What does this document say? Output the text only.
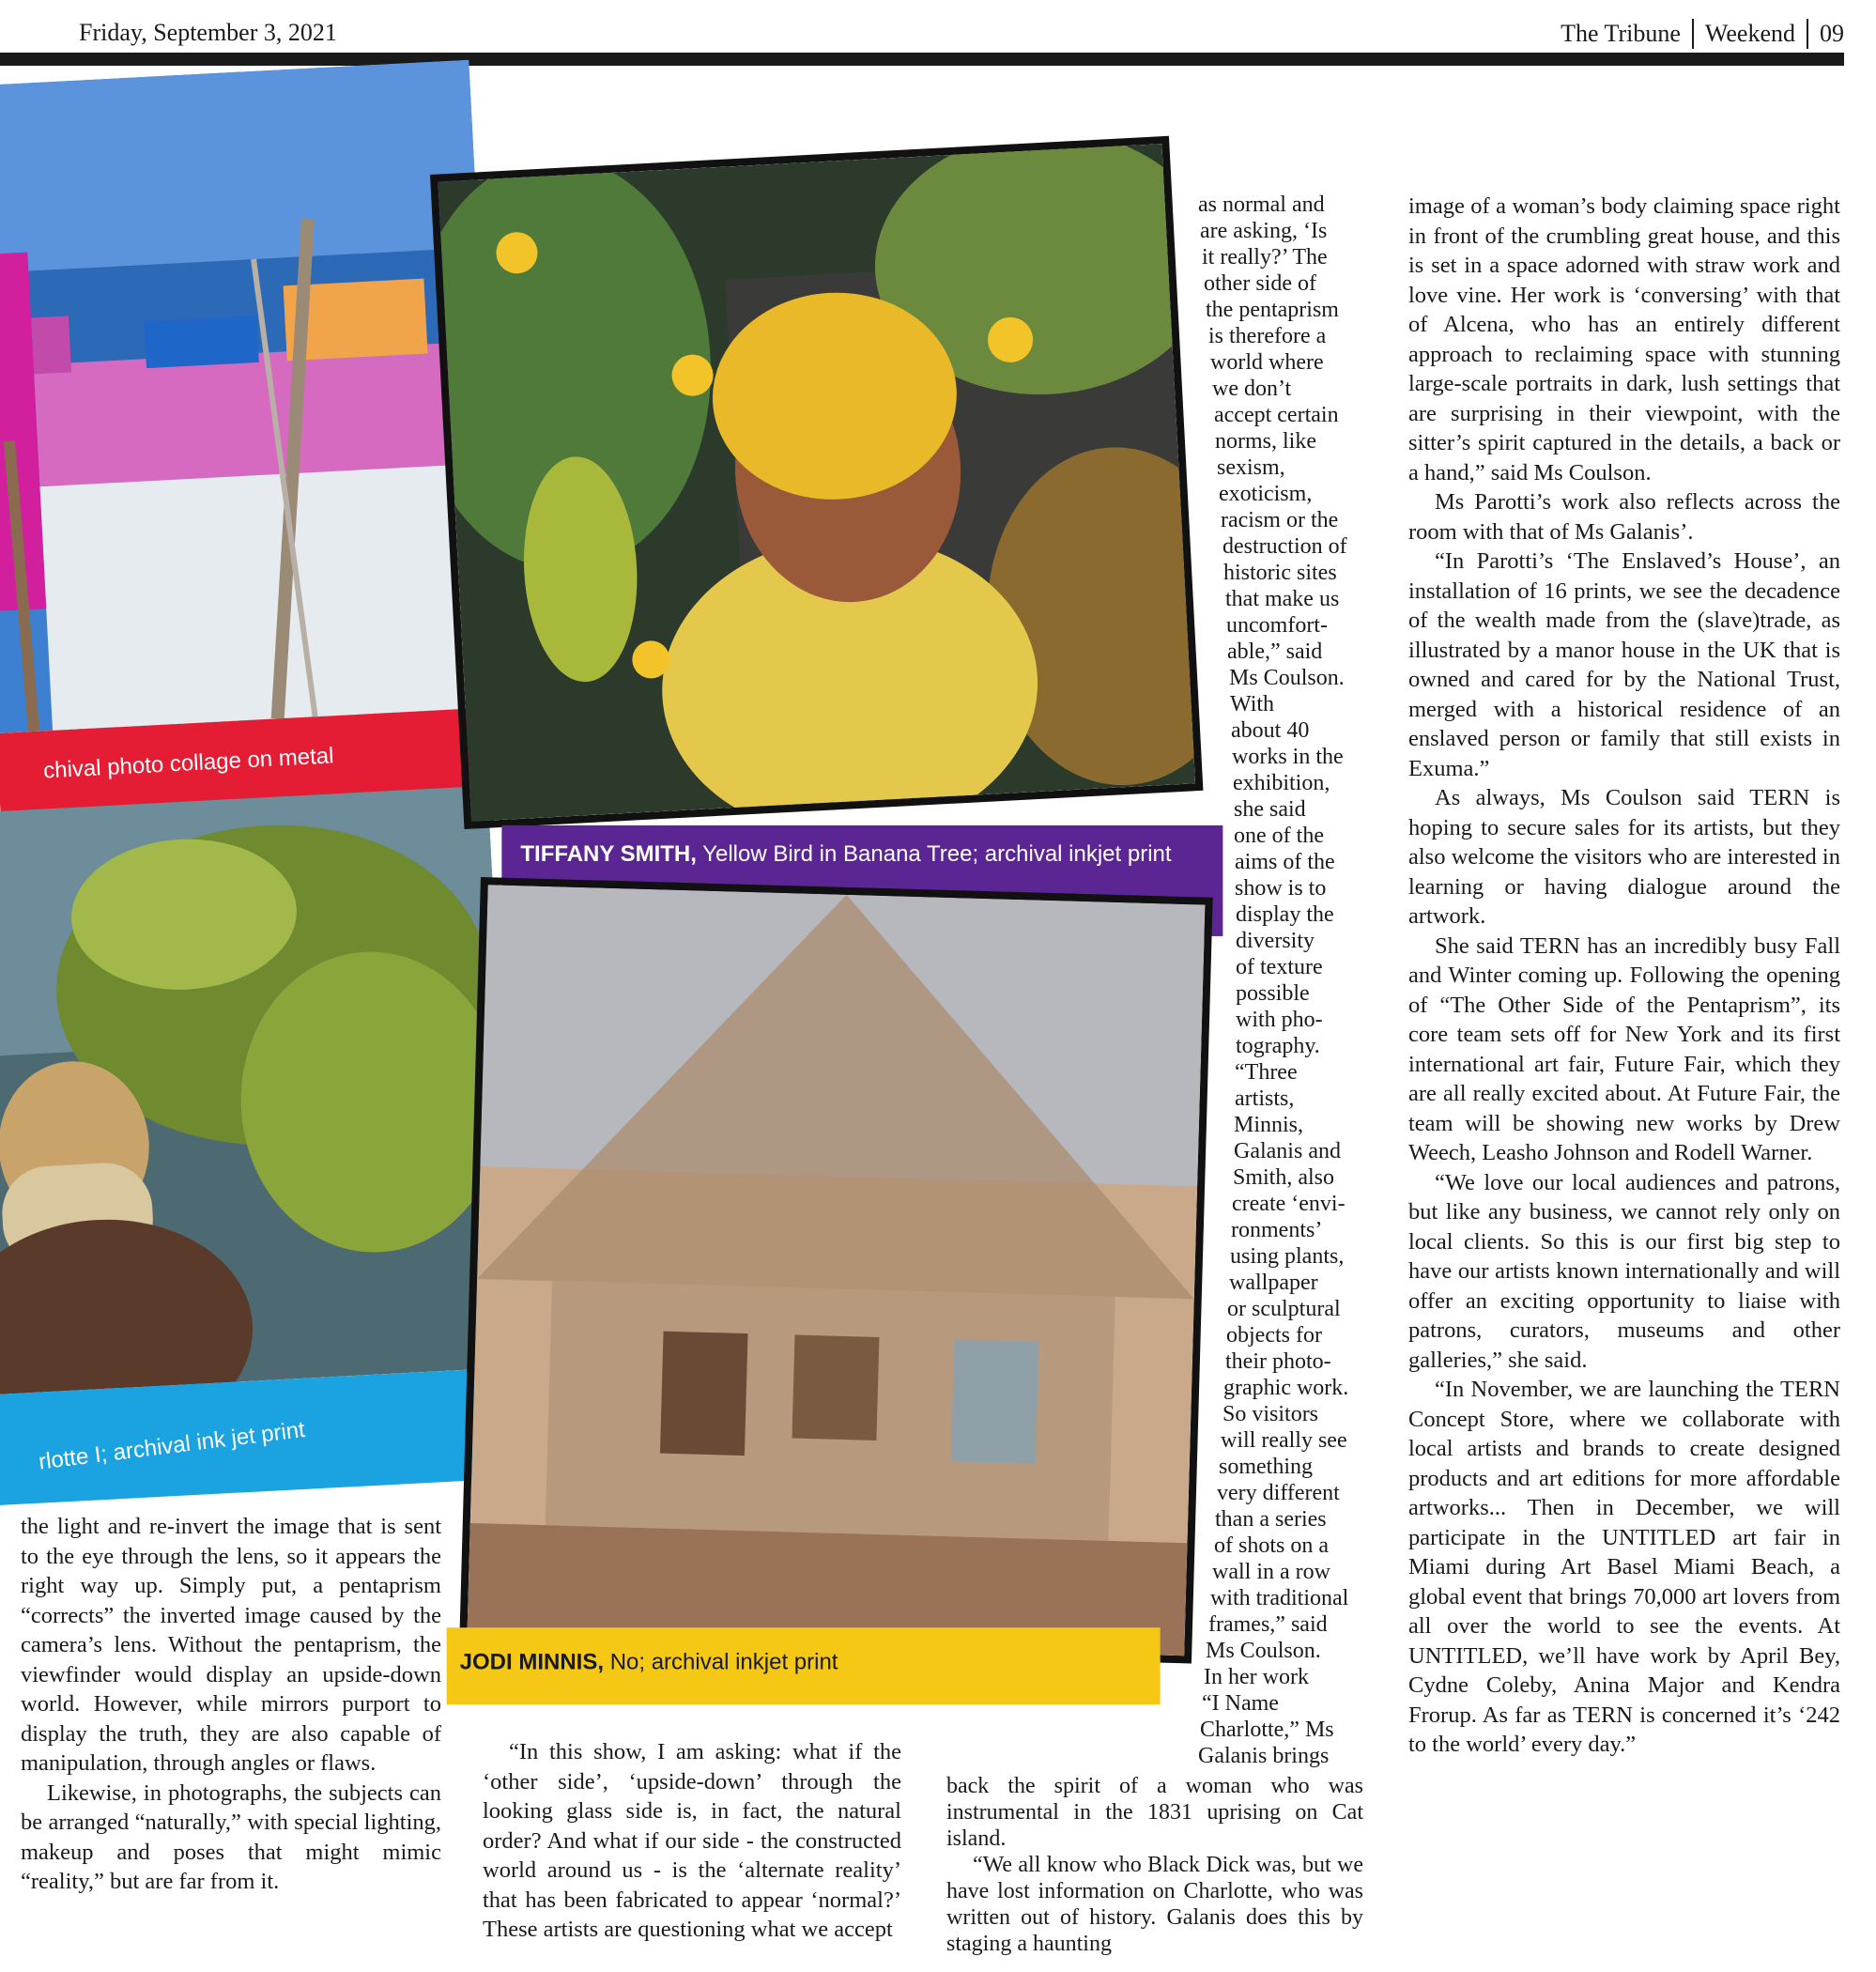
Friday, September 3, 2021	The Tribune Weekend 09
chival photo collage on metal
rlotte I; archival ink jet print
TIFFANY SMITH, Yellow Bird in Banana Tree; archival inkjet print
JODI MINNIS, No; archival inkjet print

the light and re-invert the image that is sent to the eye through the lens, so it appears the right way up. Simply put, a pentaprism “corrects” the inverted image caused by the camera’s lens. Without the pentaprism, the viewfinder would display an upside-down world. However, while mirrors purport to display the truth, they are also capable of manipulation, through angles or flaws.

Likewise, in photographs, the subjects can be arranged “naturally,” with special lighting, makeup and poses that might mimic “reality,” but are far from it.

“In this show, I am asking: what if the ‘other side’, ‘upside-down’ through the looking glass side is, in fact, the natural order? And what if our side - the constructed world around us - is the ‘alternate reality’ that has been fabricated to appear ‘normal?’ These artists are questioning what we accept

as normal and
are asking, ‘Is
it really?’ The
other side of
the pentaprism
is therefore a
world where
we don’t
accept certain
norms, like
sexism,
exoticism,
racism or the
destruction of
historic sites
that make us
uncomfort-
able,” said
Ms Coulson.
With
about 40
works in the
exhibition,
she said
one of the
aims of the
show is to
display the
diversity
of texture
possible
with pho-
tography.
“Three
artists,
Minnis,
Galanis and
Smith, also
create ‘envi-
ronments’
using plants,
wallpaper
or sculptural
objects for
their photo-
graphic work.
So visitors
will really see
something
very different
than a series
of shots on a
wall in a row
with traditional
frames,” said
Ms Coulson.
In her work
“I Name
Charlotte,” Ms
Galanis brings

back the spirit of a woman who was instrumental in the 1831 uprising on Cat island.

“We all know who Black Dick was, but we have lost information on Charlotte, who was written out of history. Galanis does this by staging a haunting

image of a woman’s body claiming space right in front of the crumbling great house, and this is set in a space adorned with straw work and love vine. Her work is ‘conversing’ with that of Alcena, who has an entirely different approach to reclaiming space with stunning large-scale portraits in dark, lush settings that are surprising in their viewpoint, with the sitter’s spirit captured in the details, a back or a hand,” said Ms Coulson.

Ms Parotti’s work also reflects across the room with that of Ms Galanis’.

“In Parotti’s ‘The Enslaved’s House’, an installation of 16 prints, we see the decadence of the wealth made from the (slave)trade, as illustrated by a manor house in the UK that is owned and cared for by the National Trust, merged with a historical residence of an enslaved person or family that still exists in Exuma.”

As always, Ms Coulson said TERN is hoping to secure sales for its artists, but they also welcome the visitors who are interested in learning or having dialogue around the artwork.

She said TERN has an incredibly busy Fall and Winter coming up. Following the opening of “The Other Side of the Pentaprism”, its core team sets off for New York and its first international art fair, Future Fair, which they are all really excited about. At Future Fair, the team will be showing new works by Drew Weech, Leasho Johnson and Rodell Warner.

“We love our local audiences and patrons, but like any business, we cannot rely only on local clients. So this is our first big step to have our artists known internationally and will offer an exciting opportunity to liaise with patrons, curators, museums and other galleries,” she said.

“In November, we are launching the TERN Concept Store, where we collaborate with local artists and brands to create designed products and art editions for more affordable artworks... Then in December, we will participate in the UNTITLED art fair in Miami during Art Basel Miami Beach, a global event that brings 70,000 art lovers from all over the world to see the events. At UNTITLED, we’ll have work by April Bey, Cydne Coleby, Anina Major and Kendra Frorup. As far as TERN is concerned it’s ‘242 to the world’ every day.”
